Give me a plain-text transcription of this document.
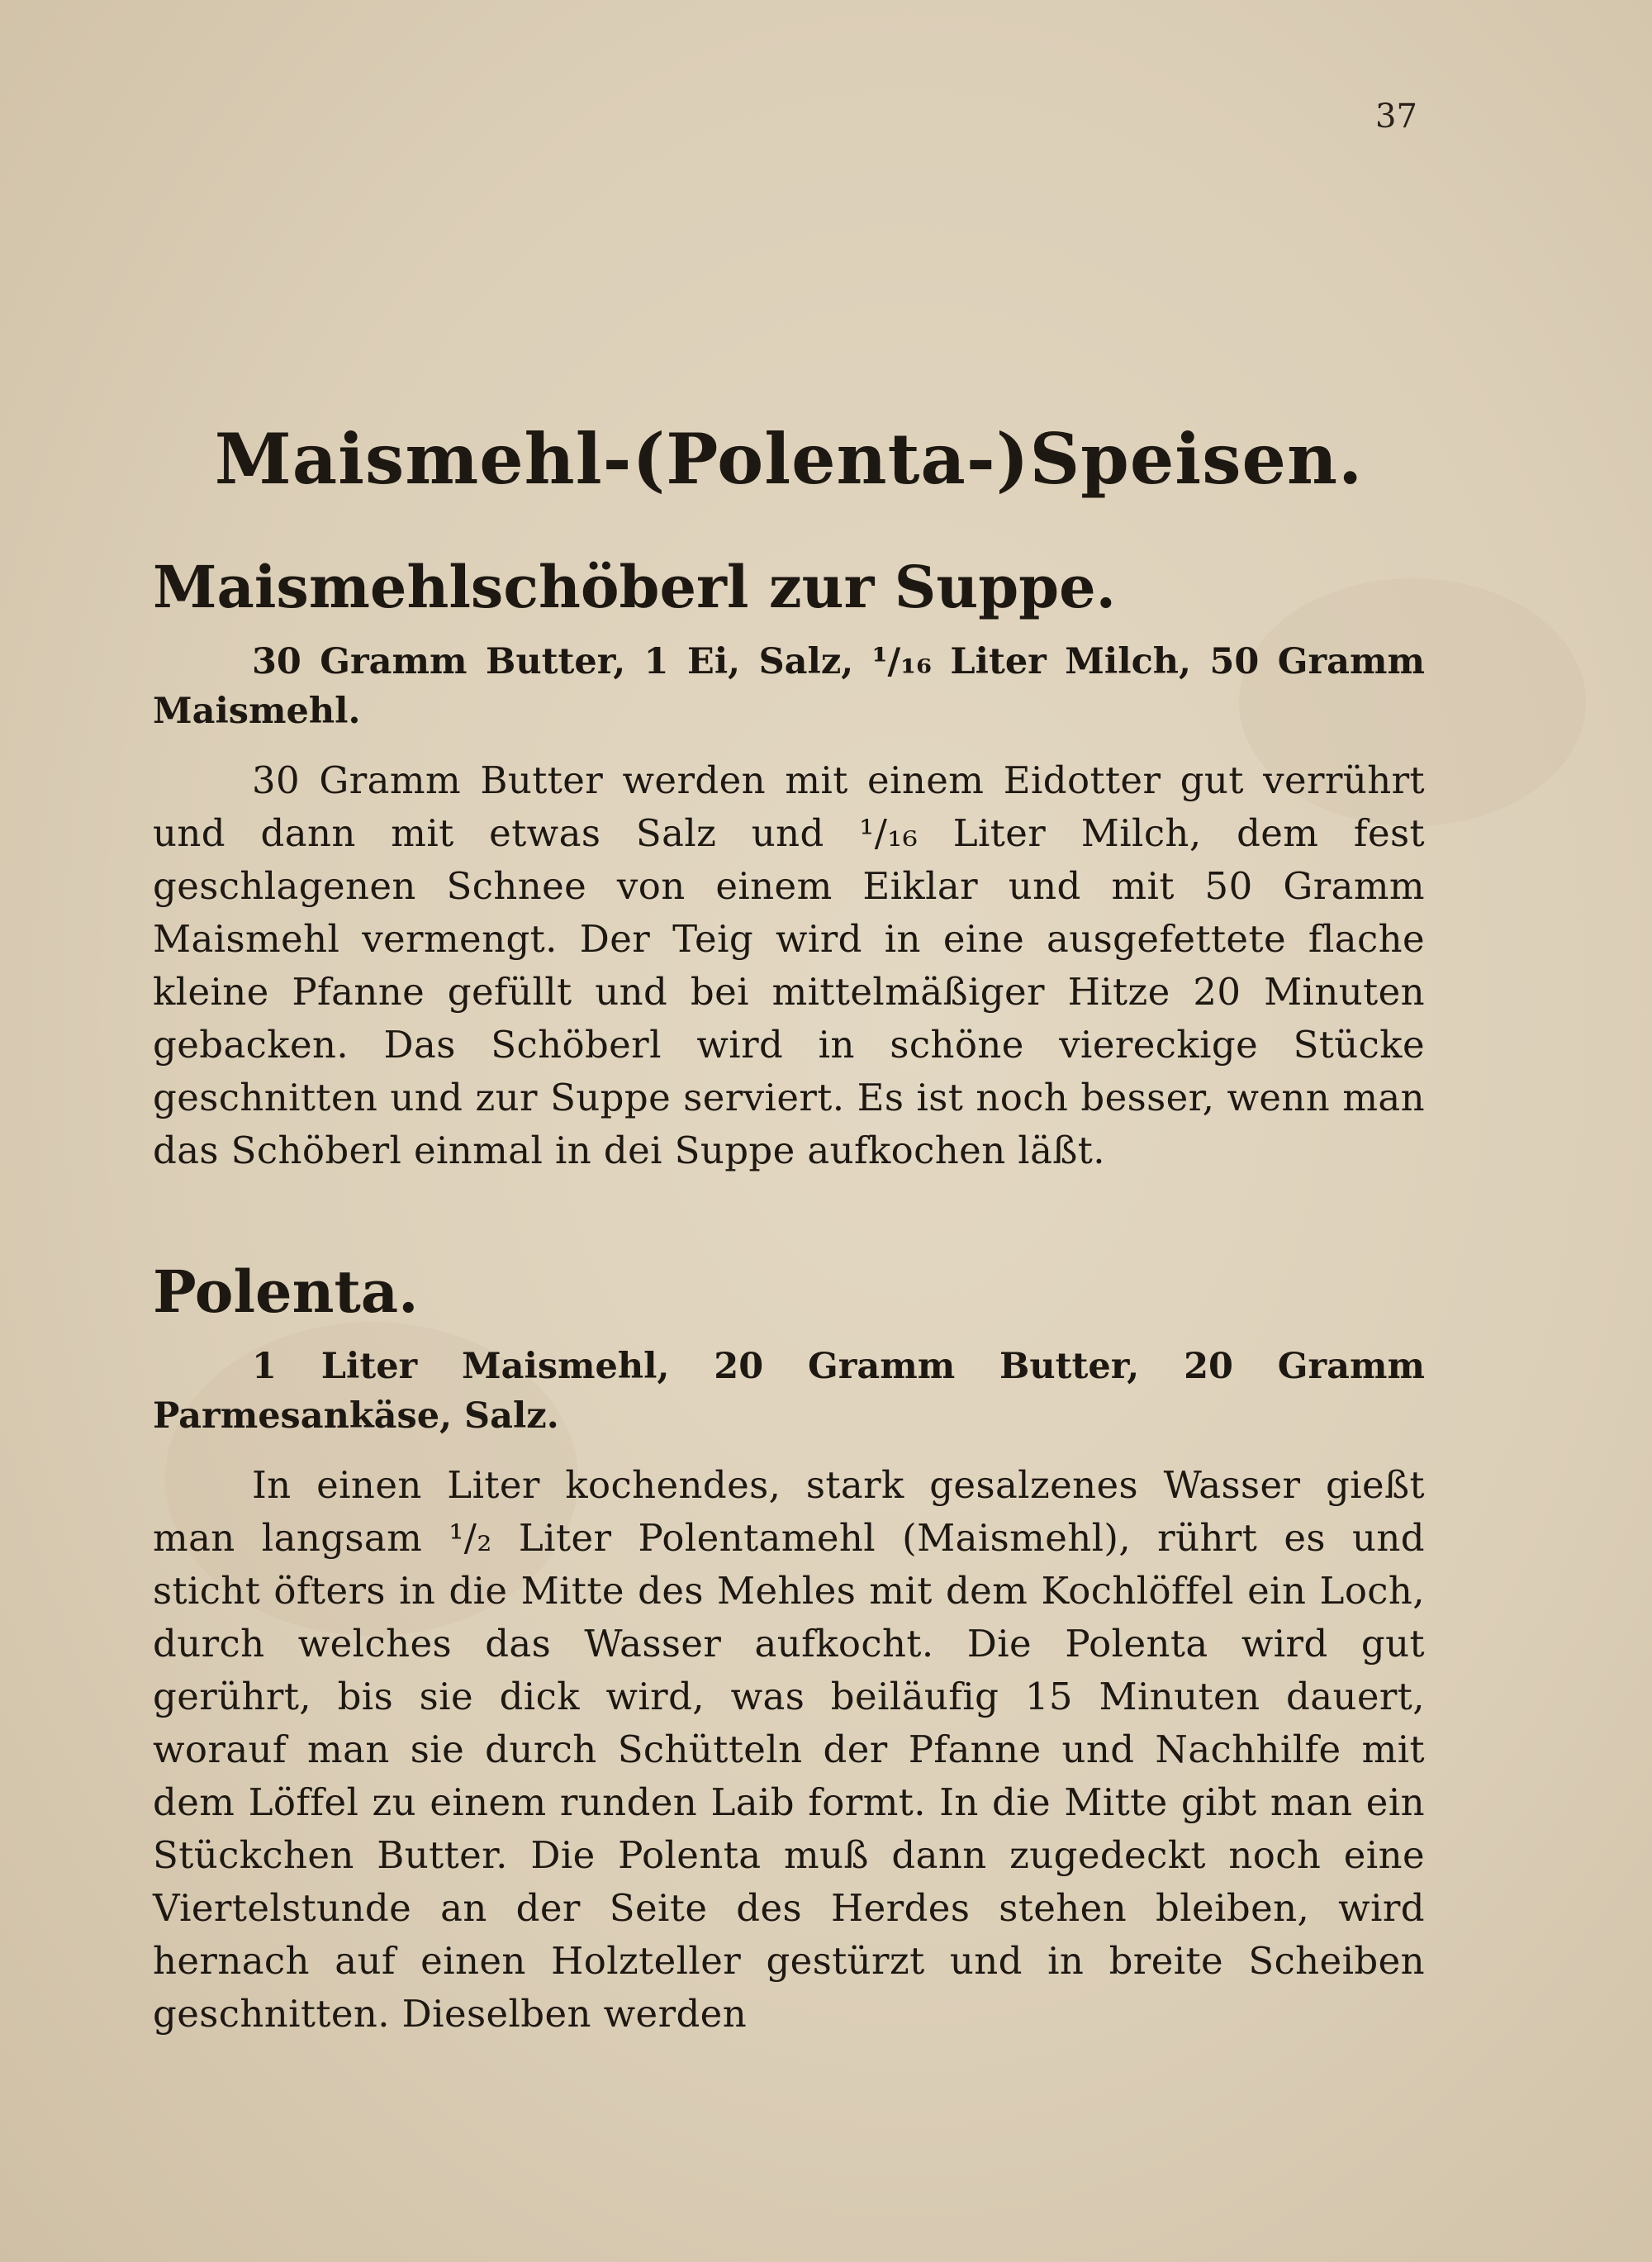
37
Maismehl-(Polenta-)Speisen.
Maismehlschöberl zur Suppe.

30 Gramm Butter, 1 Ei, Salz, ¹/₁₆ Liter Milch, 50 Gramm Maismehl.

30 Gramm Butter werden mit einem Eidotter gut verrührt und dann mit etwas Salz und ¹/₁₆ Liter Milch, dem fest geschlagenen Schnee von einem Eiklar und mit 50 Gramm Maismehl vermengt. Der Teig wird in eine ausgefettete flache kleine Pfanne gefüllt und bei mittelmäßiger Hitze 20 Minuten gebacken. Das Schöberl wird in schöne viereckige Stücke geschnitten und zur Suppe serviert. Es ist noch besser, wenn man das Schöberl einmal in dei Suppe aufkochen läßt.

Polenta.

1 Liter Maismehl, 20 Gramm Butter, 20 Gramm Parmesankäse, Salz.

In einen Liter kochendes, stark gesalzenes Wasser gießt man langsam ¹/₂ Liter Polentamehl (Maismehl), rührt es und sticht öfters in die Mitte des Mehles mit dem Kochlöffel ein Loch, durch welches das Wasser aufkocht. Die Polenta wird gut gerührt, bis sie dick wird, was beiläufig 15 Minuten dauert, worauf man sie durch Schütteln der Pfanne und Nachhilfe mit dem Löffel zu einem runden Laib formt. In die Mitte gibt man ein Stückchen Butter. Die Polenta muß dann zugedeckt noch eine Viertelstunde an der Seite des Herdes stehen bleiben, wird hernach auf einen Holzteller gestürzt und in breite Scheiben geschnitten. Dieselben werden
